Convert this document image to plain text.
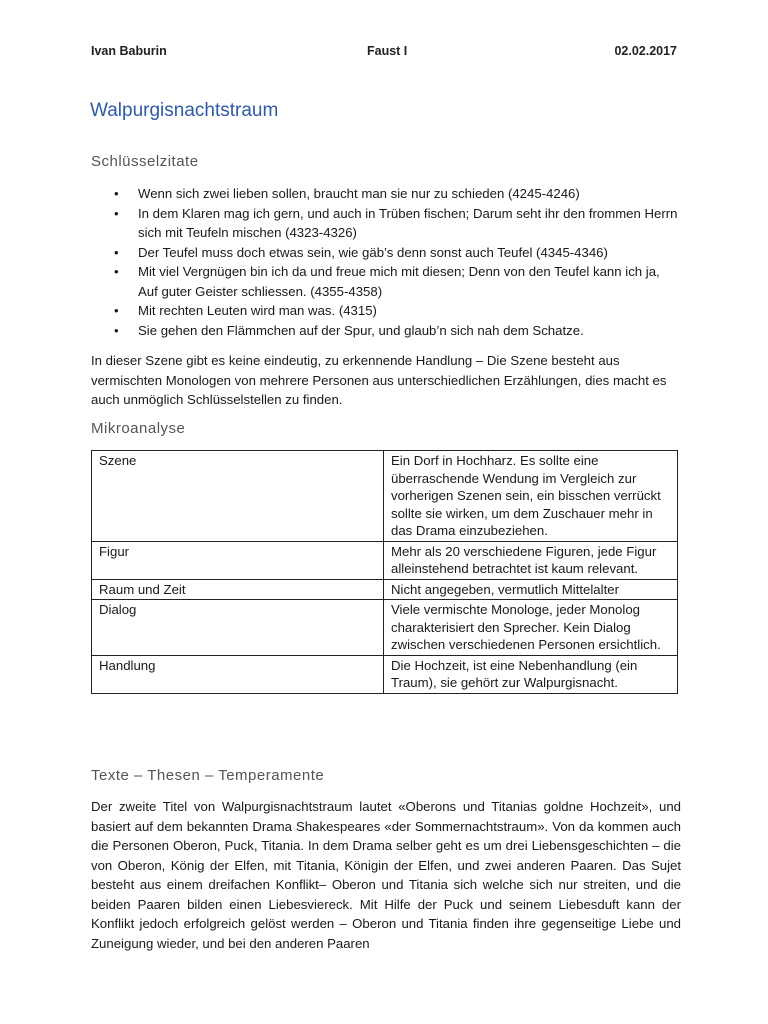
Ivan Baburin	Faust I	02.02.2017
Walpurgisnachtstraum
Schlüsselzitate
• Wenn sich zwei lieben sollen, braucht man sie nur zu schieden (4245-4246)
• In dem Klaren mag ich gern, und auch in Trüben fischen; Darum seht ihr den frommen Herrn sich mit Teufeln mischen (4323-4326)
• Der Teufel muss doch etwas sein, wie gäb’s denn sonst auch Teufel (4345-4346)
• Mit viel Vergnügen bin ich da und freue mich mit diesen; Denn von den Teufel kann ich ja, Auf guter Geister schliessen. (4355-4358)
• Mit rechten Leuten wird man was. (4315)
• Sie gehen den Flämmchen auf der Spur, und glaub’n sich nah dem Schatze.

In dieser Szene gibt es keine eindeutig, zu erkennende Handlung – Die Szene besteht aus vermischten Monologen von mehrere Personen aus unterschiedlichen Erzählungen, dies macht es auch unmöglich Schlüsselstellen zu finden.

Mikroanalyse
Szene	Ein Dorf in Hochharz. Es sollte eine überraschende Wendung im Vergleich zur vorherigen Szenen sein, ein bisschen verrückt sollte sie wirken, um dem Zuschauer mehr in das Drama einzubeziehen.
Figur	Mehr als 20 verschiedene Figuren, jede Figur alleinstehend betrachtet ist kaum relevant.
Raum und Zeit	Nicht angegeben, vermutlich Mittelalter
Dialog	Viele vermischte Monologe, jeder Monolog charakterisiert den Sprecher. Kein Dialog zwischen verschiedenen Personen ersichtlich.
Handlung	Die Hochzeit, ist eine Nebenhandlung (ein Traum), sie gehört zur Walpurgisnacht.
Texte – Thesen – Temperamente

Der zweite Titel von Walpurgisnachtstraum lautet «Oberons und Titanias goldne Hochzeit», und basiert auf dem bekannten Drama Shakespeares «der Sommernachtstraum». Von da kommen auch die Personen Oberon, Puck, Titania. In dem Drama selber geht es um drei Liebensgeschichten – die von Oberon, König der Elfen, mit Titania, Königin der Elfen, und zwei anderen Paaren. Das Sujet besteht aus einem dreifachen Konflikt– Oberon und Titania sich welche sich nur streiten, und die beiden Paaren bilden einen Liebesviereck. Mit Hilfe der Puck und seinem Liebesduft kann der Konflikt jedoch erfolgreich gelöst werden – Oberon und Titania finden ihre gegenseitige Liebe und Zuneigung wieder, und bei den anderen Paaren
